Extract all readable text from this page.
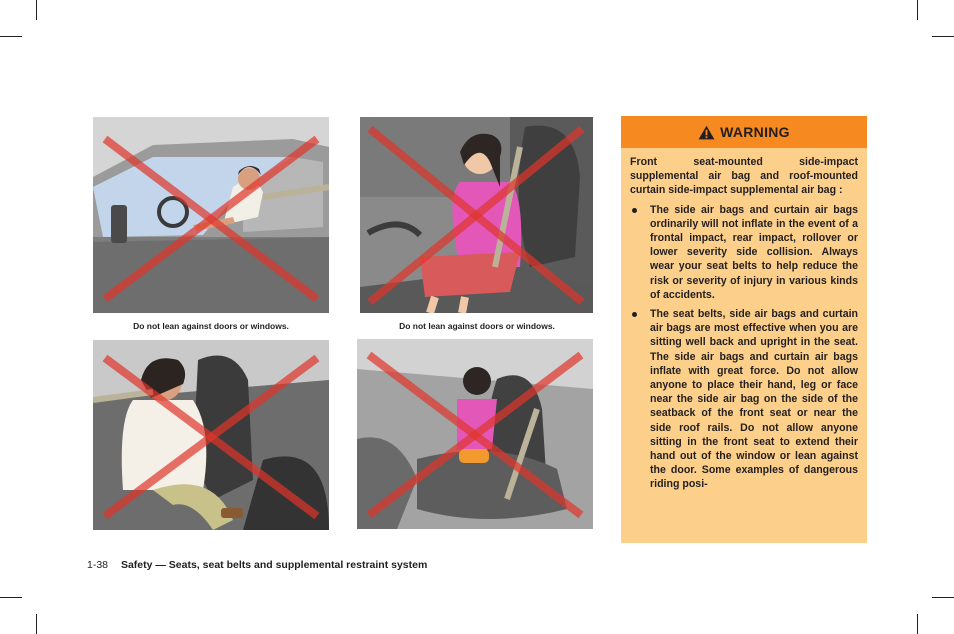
Do not lean against doors or windows.	Do not lean against doors or windows.
WARNING

Front seat-mounted side-impact supplemental air bag and roof-mounted curtain side-impact supplemental air bag :

The side air bags and curtain air bags ordinarily will not inflate in the event of a frontal impact, rear impact, rollover or lower severity side collision. Always wear your seat belts to help reduce the risk or severity of injury in various kinds of accidents.
The seat belts, side air bags and curtain air bags are most effective when you are sitting well back and upright in the seat. The side air bags and curtain air bags inflate with great force. Do not allow anyone to place their hand, leg or face near the side air bag on the side of the seatback of the front seat or near the side roof rails. Do not allow anyone sitting in the front seat to extend their hand out of the window or lean against the door. Some examples of dangerous riding posi-
1-38 Safety — Seats, seat belts and supplemental restraint system
